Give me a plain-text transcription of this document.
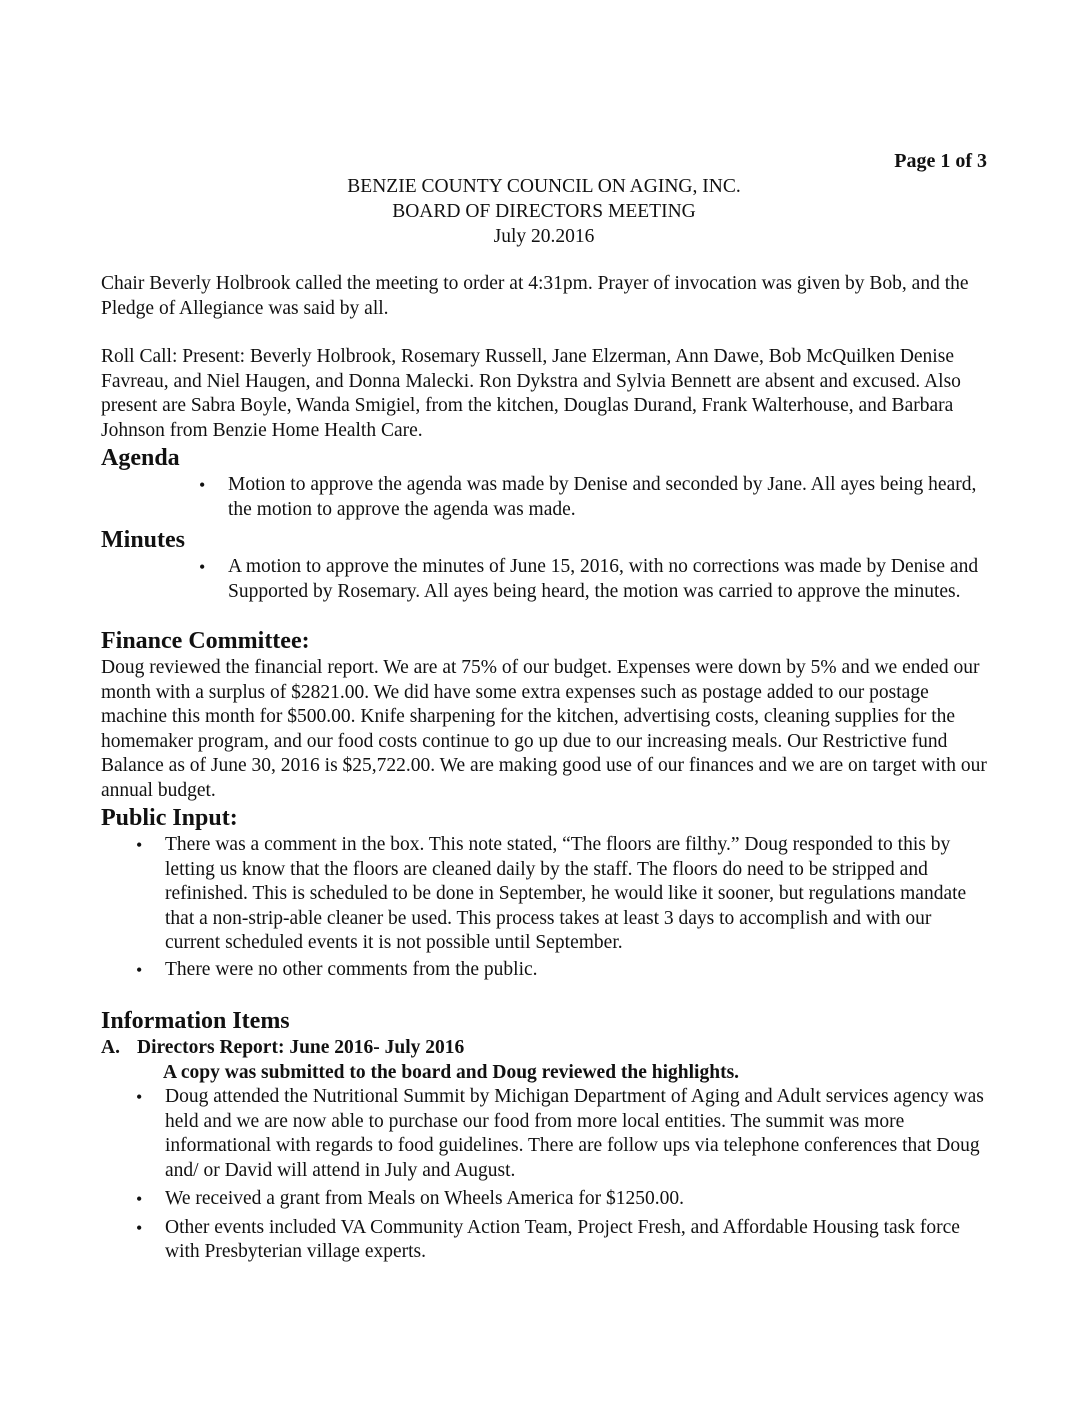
Page 1 of 3
BENZIE COUNTY COUNCIL ON AGING, INC.
BOARD OF DIRECTORS MEETING
July 20.2016

Chair Beverly Holbrook called the meeting to order at 4:31pm. Prayer of invocation was given by Bob, and the Pledge of Allegiance was said by all.

Roll Call: Present: Beverly Holbrook, Rosemary Russell, Jane Elzerman, Ann Dawe, Bob McQuilken Denise Favreau, and Niel Haugen, and Donna Malecki. Ron Dykstra and Sylvia Bennett are absent and excused. Also present are Sabra Boyle, Wanda Smigiel, from the kitchen, Douglas Durand, Frank Walterhouse, and Barbara Johnson from Benzie Home Health Care.

Agenda
• Motion to approve the agenda was made by Denise and seconded by Jane. All ayes being heard, the motion to approve the agenda was made.
Minutes
• A motion to approve the minutes of June 15, 2016, with no corrections was made by Denise and Supported by Rosemary. All ayes being heard, the motion was carried to approve the minutes.
Finance Committee:

Doug reviewed the financial report. We are at 75% of our budget. Expenses were down by 5% and we ended our month with a surplus of $2821.00. We did have some extra expenses such as postage added to our postage machine this month for $500.00. Knife sharpening for the kitchen, advertising costs, cleaning supplies for the homemaker program, and our food costs continue to go up due to our increasing meals. Our Restrictive fund Balance as of June 30, 2016 is $25,722.00. We are making good use of our finances and we are on target with our annual budget.

Public Input:
• There was a comment in the box. This note stated, “The floors are filthy.” Doug responded to this by letting us know that the floors are cleaned daily by the staff. The floors do need to be stripped and refinished. This is scheduled to be done in September, he would like it sooner, but regulations mandate that a non-strip-able cleaner be used. This process takes at least 3 days to accomplish and with our current scheduled events it is not possible until September.
• There were no other comments from the public.
Information Items
A. Directors Report: June 2016- July 2016
A copy was submitted to the board and Doug reviewed the highlights.
• Doug attended the Nutritional Summit by Michigan Department of Aging and Adult services agency was held and we are now able to purchase our food from more local entities. The summit was more informational with regards to food guidelines. There are follow ups via telephone conferences that Doug and/ or David will attend in July and August.
• We received a grant from Meals on Wheels America for $1250.00.
• Other events included VA Community Action Team, Project Fresh, and Affordable Housing task force with Presbyterian village experts.
